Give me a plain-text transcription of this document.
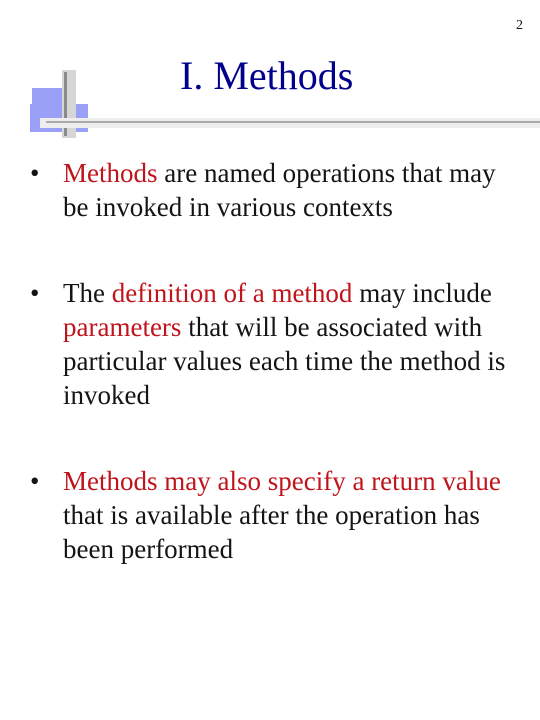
2
I. Methods
• Methods are named operations that may be invoked in various contexts
• The definition of a method may include parameters that will be associated with particular values each time the method is invoked
• Methods may also specify a return value that is available after the operation has been performed
